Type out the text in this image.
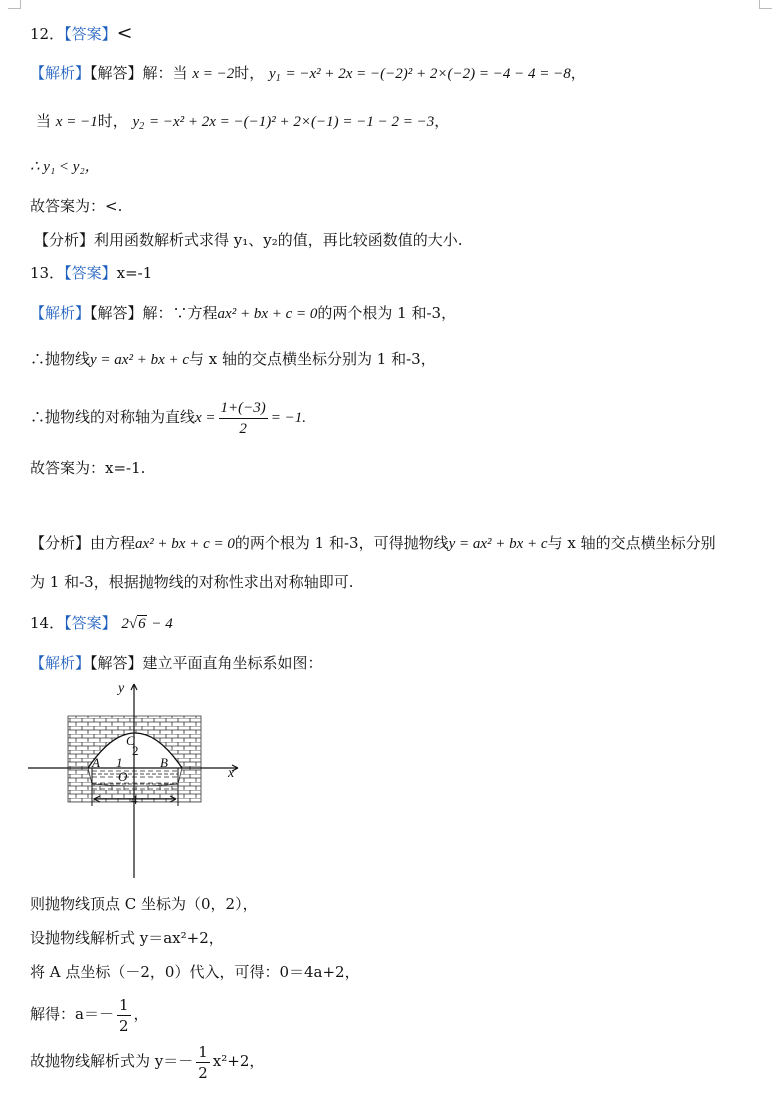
12．【答案】<
【解析】【解答】解：当 x = −2时， $y_1 = -x^2 + 2x = -(-2)^2 + 2\times(-2) = -4 - 4 = -8$，
当 x = −1时， $y_2 = -x^2 + 2x = -(-1)^2 + 2\times(-1) = -1 - 2 = -3$，
∴ y₁ < y₂，
故答案为：<.
【分析】利用函数解析式求得 y₁、y₂的值，再比较函数值的大小.
13．【答案】x=-1
【解析】【解答】解：∵方程ax² + bx + c = 0的两个根为 1 和-3，
∴抛物线y = ax² + bx + c与 x 轴的交点横坐标分别为 1 和-3，
∴抛物线的对称轴为直线$x = \frac{1+(-3)}{2} = -1$.
故答案为：x=-1.
【分析】由方程ax² + bx + c = 0的两个根为 1 和-3，可得抛物线y = ax² + bx + c与 x 轴的交点横坐标分别
为 1 和-3，根据抛物线的对称性求出对称轴即可.
14．【答案】 2√6 − 4
【解析】【解答】建立平面直角坐标系如图：
y
x
C
2
A 1	B
O
4
则抛物线顶点 C 坐标为（0，2），
设抛物线解析式 y＝ax²+2，
将 A 点坐标（－2，0）代入，可得：0＝4a+2，
解得：$a=- \frac{1}{2}$ ，
故抛物线解析式为 $y=- \frac{1}{2} x^2+2$，
